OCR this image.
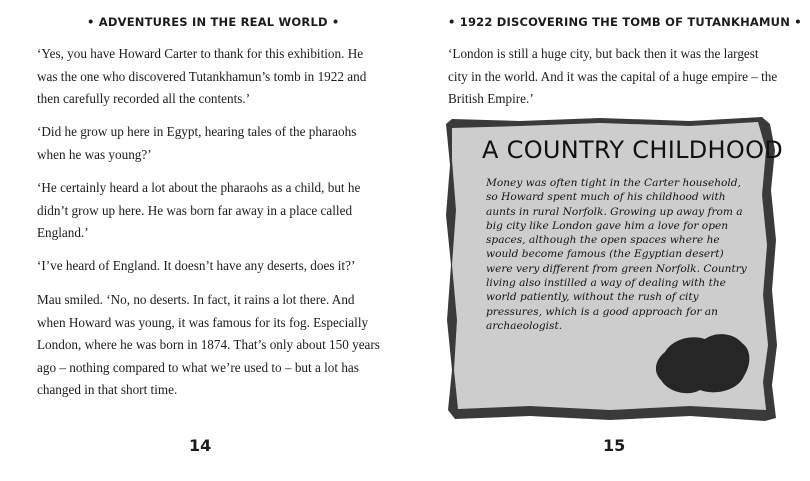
• ADVENTURES IN THE REAL WORLD •

‘Yes, you have Howard Carter to thank for this exhibition. He was the one who discovered Tutankhamun’s tomb in 1922 and then carefully recorded all the contents.’

‘Did he grow up here in Egypt, hearing tales of the pharaohs when he was young?’

‘He certainly heard a lot about the pharaohs as a child, but he didn’t grow up here. He was born far away in a place called England.’

‘I’ve heard of England. It doesn’t have any deserts, does it?’

Mau smiled. ‘No, no deserts. In fact, it rains a lot there. And when Howard was young, it was famous for its fog. Especially London, where he was born in 1874. That’s only about 150 years ago – nothing compared to what we’re used to – but a lot has changed in that short time.

14
• 1922 DISCOVERING THE TOMB OF TUTANKHAMUN •

‘London is still a huge city, but back then it was the largest city in the world. And it was the capital of a huge empire – the British Empire.’

A COUNTRY CHILDHOOD

Money was often tight in the Carter household, so Howard spent much of his childhood with aunts in rural Norfolk. Growing up away from a big city like London gave him a love for open spaces, although the open spaces where he would become famous (the Egyptian desert) were very different from green Norfolk. Country living also instilled a way of dealing with the world patiently, without the rush of city pressures, which is a good approach for an archaeologist.

15
